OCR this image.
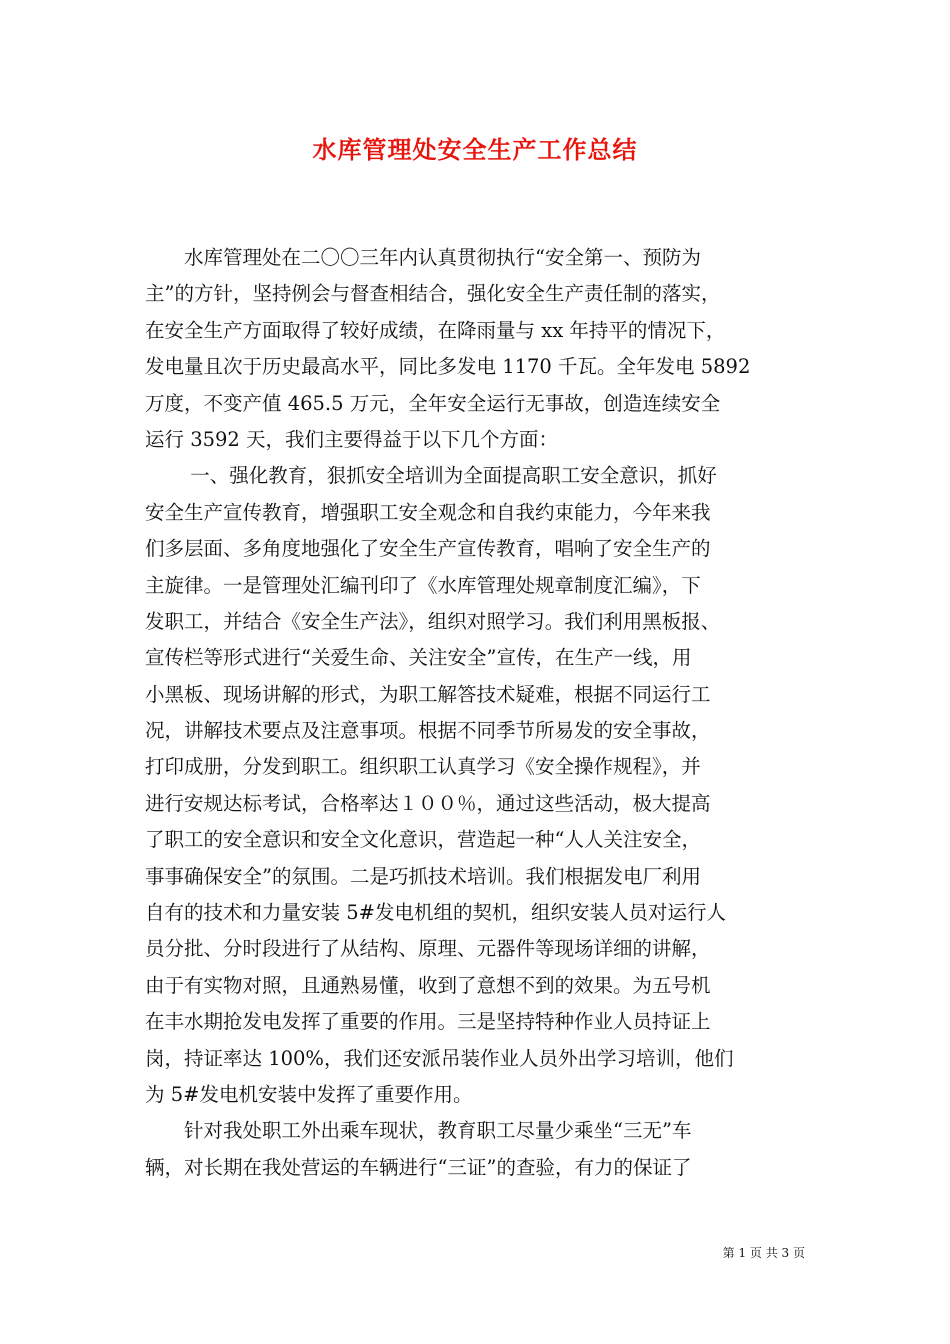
水库管理处安全生产工作总结
　　水库管理处在二〇〇三年内认真贯彻执行“安全第一、预防为
主”的方针，坚持例会与督查相结合，强化安全生产责任制的落实，
在安全生产方面取得了较好成绩，在降雨量与 xx 年持平的情况下，
发电量且次于历史最高水平，同比多发电 1170 千瓦。全年发电 5892
万度，不变产值 465.5 万元，全年安全运行无事故，创造连续安全
运行 3592 天，我们主要得益于以下几个方面：
　　 一、强化教育，狠抓安全培训为全面提高职工安全意识，抓好
安全生产宣传教育，增强职工安全观念和自我约束能力，今年来我
们多层面、多角度地强化了安全生产宣传教育，唱响了安全生产的
主旋律。一是管理处汇编刊印了《水库管理处规章制度汇编》，下
发职工，并结合《安全生产法》，组织对照学习。我们利用黑板报、
宣传栏等形式进行“关爱生命、关注安全”宣传，在生产一线，用
小黑板、现场讲解的形式，为职工解答技术疑难，根据不同运行工
况，讲解技术要点及注意事项。根据不同季节所易发的安全事故，
打印成册，分发到职工。组织职工认真学习《安全操作规程》，并
进行安规达标考试，合格率达１００％，通过这些活动，极大提高
了职工的安全意识和安全文化意识，营造起一种“人人关注安全，
事事确保安全”的氛围。二是巧抓技术培训。我们根据发电厂利用
自有的技术和力量安装 5#发电机组的契机，组织安装人员对运行人
员分批、分时段进行了从结构、原理、元器件等现场详细的讲解，
由于有实物对照，且通熟易懂，收到了意想不到的效果。为五号机
在丰水期抢发电发挥了重要的作用。三是坚持特种作业人员持证上
岗，持证率达 100%，我们还安派吊装作业人员外出学习培训，他们
为 5#发电机安装中发挥了重要作用。
　　针对我处职工外出乘车现状，教育职工尽量少乘坐“三无”车
辆，对长期在我处营运的车辆进行“三证”的查验，有力的保证了
第 1 页 共 3 页
